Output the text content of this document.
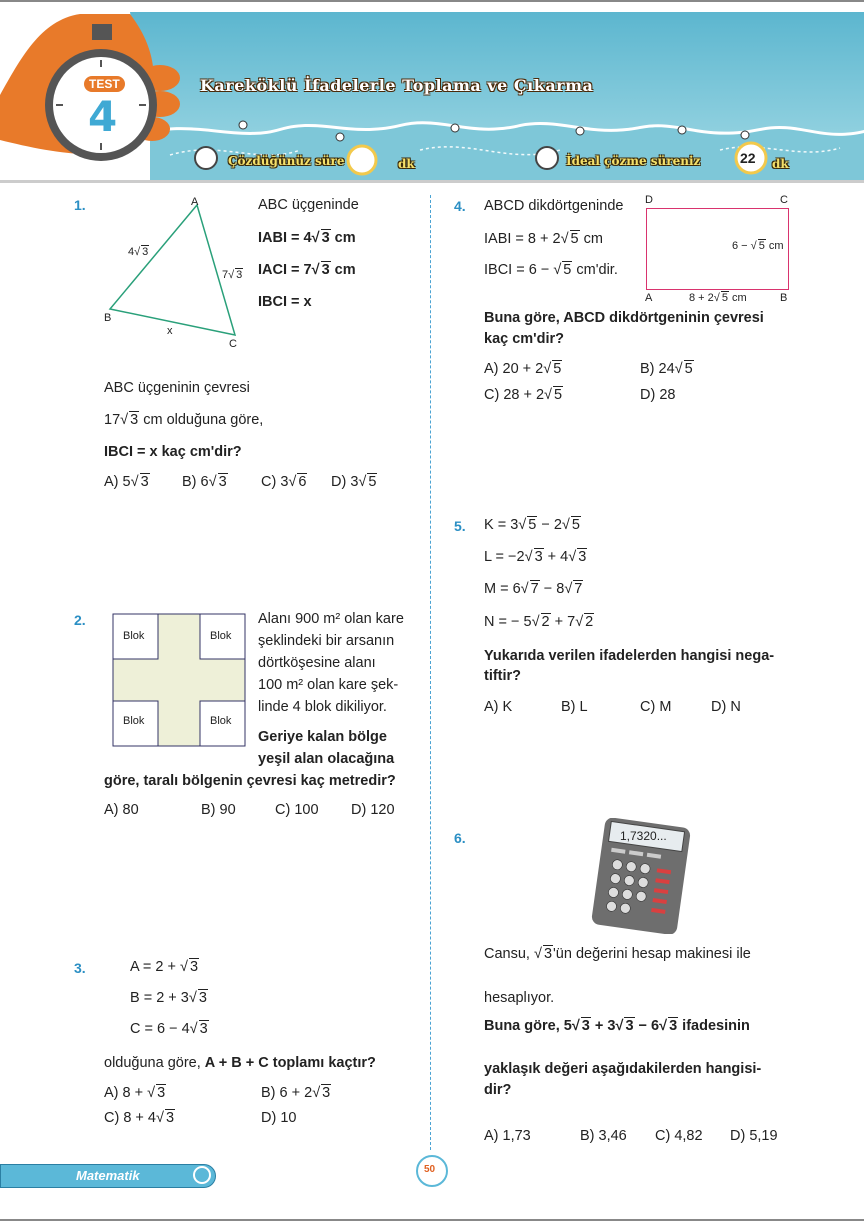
TEST
4
Kareköklü İfadelerle Toplama ve Çıkarma
Çözdüğünüz süre	dk	İdeal çözme süreniz	22 dk
1.	A
B
C
4√ 3
7√ 3
x
ABC üçgeninde
IABI = 4√ 3 cm
IACI = 7√ 3 cm
IBCI = x
ABC üçgeninin çevresi
17√ 3 cm olduğuna göre,
IBCI = x kaç cm'dir?
A) 5√ 3 B) 6√ 3 C) 3√ 6 D) 3√ 5
2.
Blok	Blok
Blok	Blok
Alanı 900 m² olan kare
şeklindeki bir arsanın
dörtköşesine alanı
100 m² olan kare şek-
linde 4 blok dikiliyor.
Geriye kalan bölge
yeşil alan olacağına
göre, taralı bölgenin çevresi kaç metredir?
A) 80	B) 90	C) 100 D) 120
3.	A = 2 + √ 3
B = 2 + 3√ 3
C = 6 − 4√ 3
olduğuna göre, A + B + C toplamı kaçtır?
A) 8 + √ 3	B) 6 + 2√ 3
C) 8 + 4√ 3	D) 10
4. ABCD dikdörtgeninde
IABI = 8 + 2√ 5 cm
IBCI = 6 − √ 5 cm'dir.
D	C
A	B
6 − √ 5 cm
8 + 2√ 5 cm
Buna göre, ABCD dikdörtgeninin çevresi
kaç cm'dir?
A) 20 + 2√ 5	B) 24√ 5
C) 28 + 2√ 5	D) 28
5. K = 3√ 5 − 2√ 5
L = −2√ 3 + 4√ 3
M = 6√ 7 − 8√ 7
N = − 5√ 2 + 7√ 2
Yukarıda verilen ifadelerden hangisi nega-
tiftir?
A) K	B) L	C) M	D) N
6.	1,7320...
Cansu, √ 3'ün değerini hesap makinesi ile
hesaplıyor.
Buna göre, 5√ 3 + 3√ 3 − 6√ 3 ifadesinin
yaklaşık değeri aşağıdakilerden hangisi-
dir?
A) 1,73	B) 3,46 C) 4,82 D) 5,19
Matematik	50
